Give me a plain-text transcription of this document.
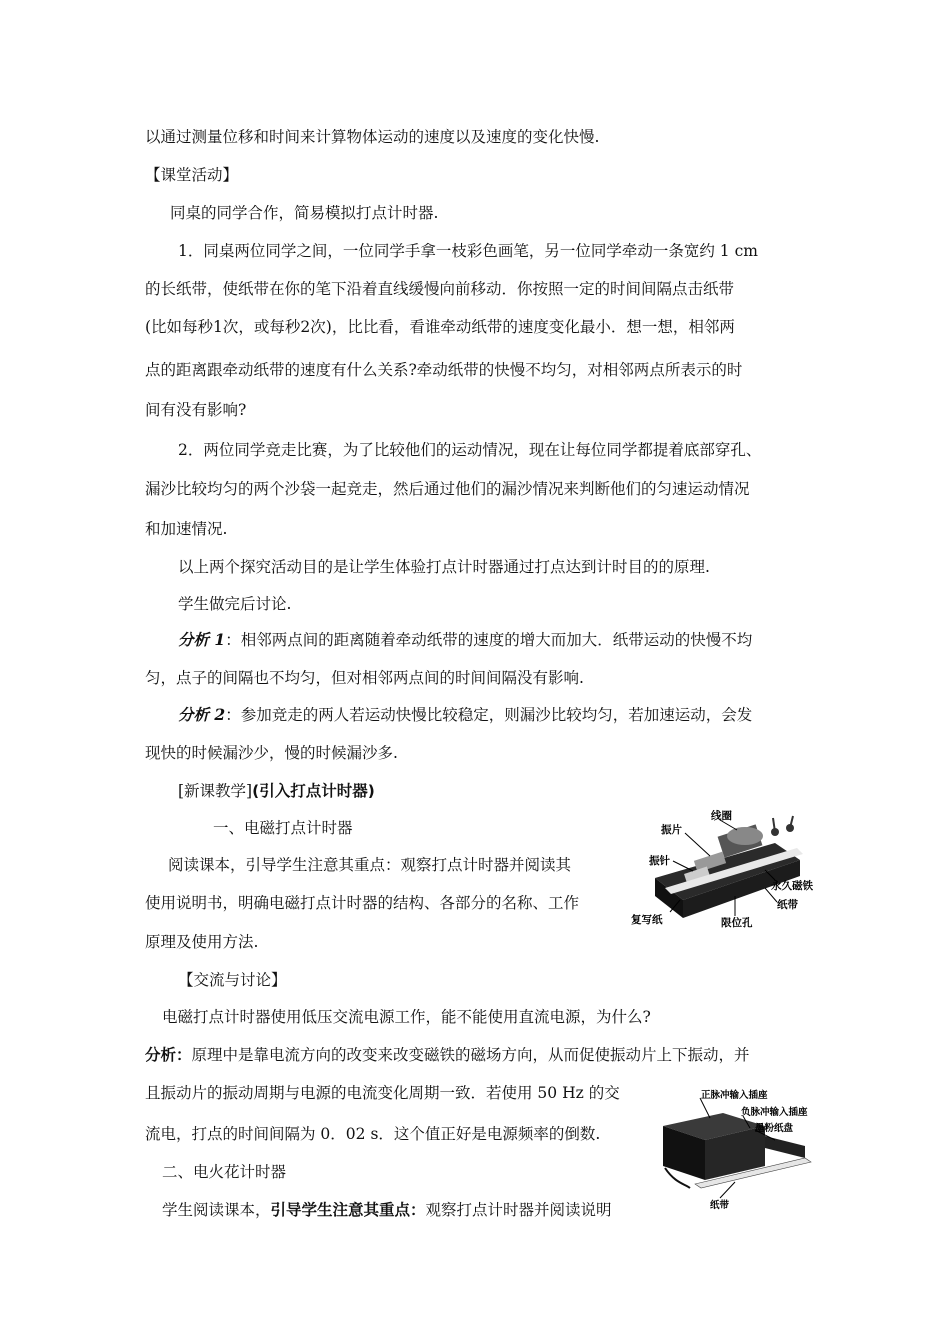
以通过测量位移和时间来计算物体运动的速度以及速度的变化快慢.
【课堂活动】
同桌的同学合作，简易模拟打点计时器.
1．同桌两位同学之间，一位同学手拿一枝彩色画笔，另一位同学牵动一条宽约 1 cm
的长纸带，使纸带在你的笔下沿着直线缓慢向前移动．你按照一定的时间间隔点击纸带
(比如每秒1次，或每秒2次)，比比看，看谁牵动纸带的速度变化最小．想一想，相邻两
点的距离跟牵动纸带的速度有什么关系?牵动纸带的快慢不均匀，对相邻两点所表示的时
间有没有影响?
2．两位同学竞走比赛，为了比较他们的运动情况，现在让每位同学都提着底部穿孔、
漏沙比较均匀的两个沙袋一起竞走，然后通过他们的漏沙情况来判断他们的匀速运动情况
和加速情况.
以上两个探究活动目的是让学生体验打点计时器通过打点达到计时目的的原理.
学生做完后讨论.
分析 1：相邻两点间的距离随着牵动纸带的速度的增大而加大．纸带运动的快慢不均
匀，点子的间隔也不均匀，但对相邻两点间的时间间隔没有影响.
分析 2：参加竞走的两人若运动快慢比较稳定，则漏沙比较均匀，若加速运动，会发
现快的时候漏沙少，慢的时候漏沙多.
[新课教学](引入打点计时器)
一、电磁打点计时器
阅读课本，引导学生注意其重点：观察打点计时器并阅读其
使用说明书，明确电磁打点计时器的结构、各部分的名称、工作
原理及使用方法.
【交流与讨论】
电磁打点计时器使用低压交流电源工作，能不能使用直流电源，为什么?
分析：原理中是靠电流方向的改变来改变磁铁的磁场方向，从而促使振动片上下振动，并
且振动片的振动周期与电源的电流变化周期一致．若使用 50 Hz 的交
流电，打点的时间间隔为 0．02 s．这个值正好是电源频率的倒数.
二、电火花计时器
学生阅读课本，引导学生注意其重点：观察打点计时器并阅读说明
线圈
振片
振针
永久磁铁
纸带
复写纸	限位孔
正脉冲输入插座
负脉冲输入插座
墨粉纸盘
纸带
